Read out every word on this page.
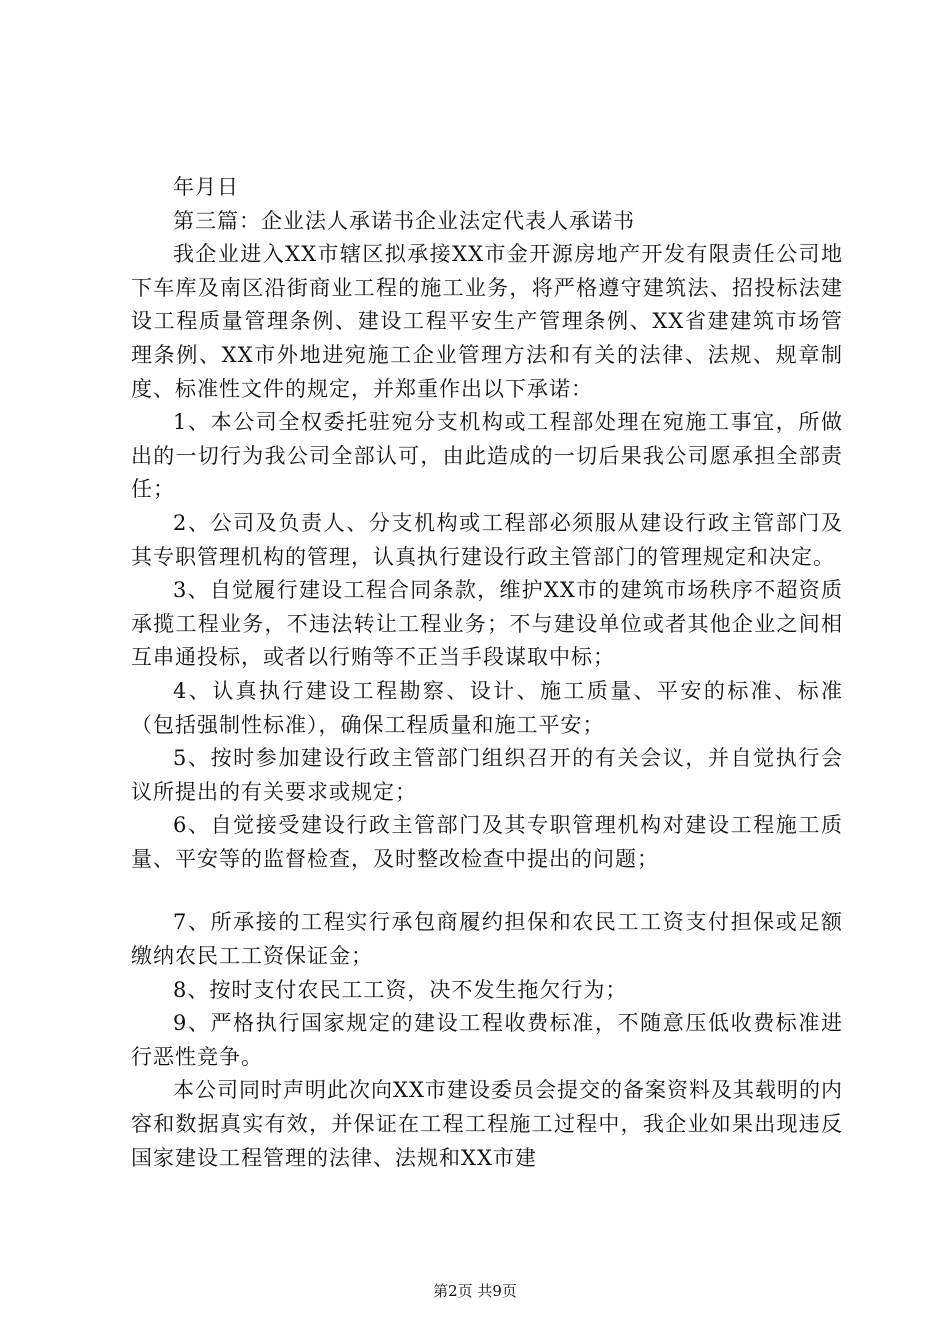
年月日

第三篇：企业法人承诺书企业法定代表人承诺书

我企业进入XX市辖区拟承接XX市金开源房地产开发有限责任公司地下车库及南区沿街商业工程的施工业务，将严格遵守建筑法、招投标法建设工程质量管理条例、建设工程平安生产管理条例、XX省建建筑市场管理条例、XX市外地进宛施工企业管理方法和有关的法律、法规、规章制度、标准性文件的规定，并郑重作出以下承诺：

1、本公司全权委托驻宛分支机构或工程部处理在宛施工事宜，所做出的一切行为我公司全部认可，由此造成的一切后果我公司愿承担全部责任；

2、公司及负责人、分支机构或工程部必须服从建设行政主管部门及其专职管理机构的管理，认真执行建设行政主管部门的管理规定和决定。

3、自觉履行建设工程合同条款，维护XX市的建筑市场秩序不超资质承揽工程业务，不违法转让工程业务；不与建设单位或者其他企业之间相互串通投标，或者以行贿等不正当手段谋取中标；

4、认真执行建设工程勘察、设计、施工质量、平安的标准、标准（包括强制性标准），确保工程质量和施工平安；

5、按时参加建设行政主管部门组织召开的有关会议，并自觉执行会议所提出的有关要求或规定；

6、自觉接受建设行政主管部门及其专职管理机构对建设工程施工质量、平安等的监督检查，及时整改检查中提出的问题；

7、所承接的工程实行承包商履约担保和农民工工资支付担保或足额缴纳农民工工资保证金；

8、按时支付农民工工资，决不发生拖欠行为；

9、严格执行国家规定的建设工程收费标准，不随意压低收费标准进行恶性竞争。

本公司同时声明此次向XX市建设委员会提交的备案资料及其载明的内容和数据真实有效，并保证在工程工程施工过程中，我企业如果出现违反国家建设工程管理的法律、法规和XX市建

第2页 共9页
